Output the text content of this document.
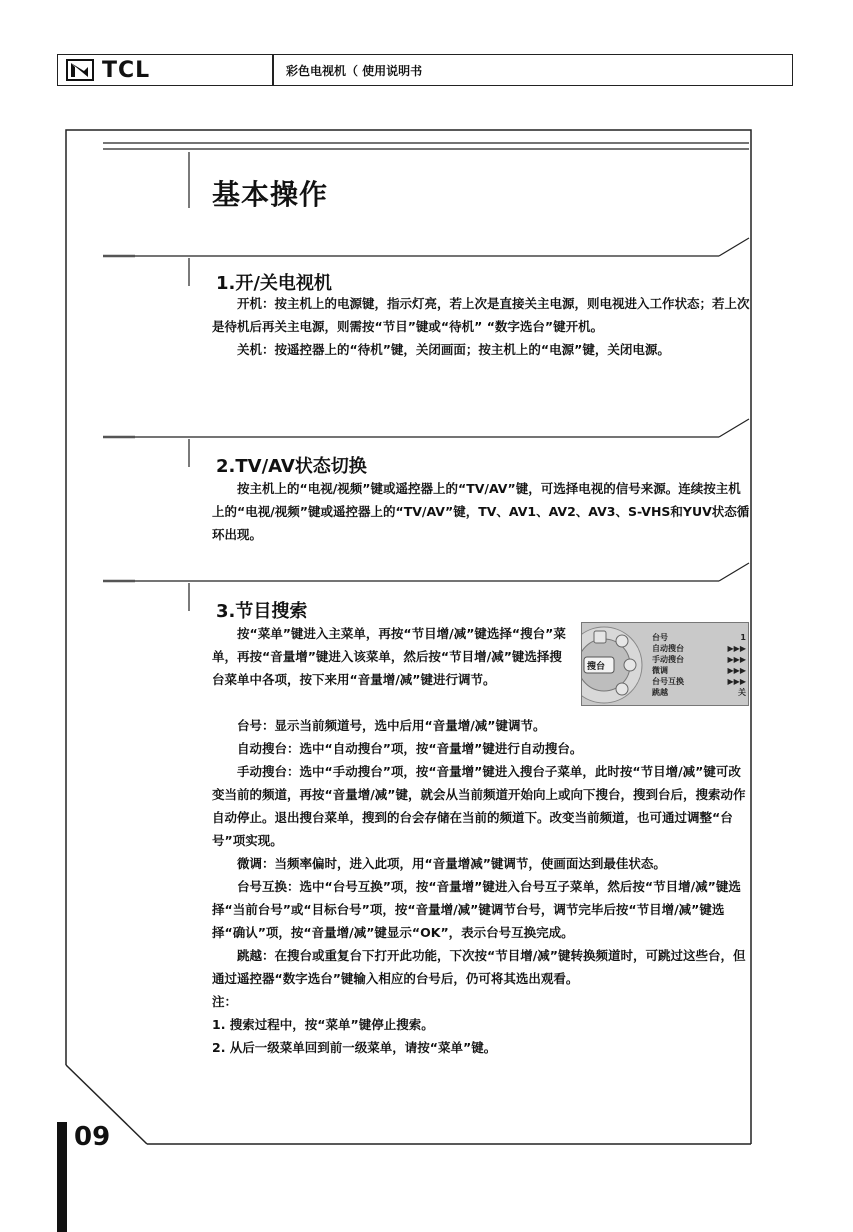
TCL	彩色电视机（ 使用说明书
基本操作
1.开/关电视机

开机：按主机上的电源键，指示灯亮，若上次是直接关主电源，则电视进入工作状态；若上次是待机后再关主电源，则需按“节目”键或“待机” “数字选台”键开机。

关机：按遥控器上的“待机”键，关闭画面；按主机上的“电源”键，关闭电源。

2.TV/AV状态切换

按主机上的“电视/视频”键或遥控器上的“TV/AV”键，可选择电视的信号来源。连续按主机上的“电视/视频”键或遥控器上的“TV/AV”键，TV、AV1、AV2、AV3、S-VHS和YUV状态循环出现。

3.节目搜索

按“菜单”键进入主菜单，再按“节目增/减”键选择“搜台”菜单，再按“音量增”键进入该菜单，然后按“节目增/减”键选择搜台菜单中各项，按下来用“音量增/减”键进行调节。

搜台
台号	1
自动搜台	▶▶▶
手动搜台	▶▶▶
微调	▶▶▶
台号互换	▶▶▶
跳越	关

台号：显示当前频道号，选中后用“音量增/减”键调节。

自动搜台：选中“自动搜台”项，按“音量增”键进行自动搜台。

手动搜台：选中“手动搜台”项，按“音量增”键进入搜台子菜单，此时按“节目增/减”键可改变当前的频道，再按“音量增/减”键，就会从当前频道开始向上或向下搜台，搜到台后，搜索动作自动停止。退出搜台菜单，搜到的台会存储在当前的频道下。改变当前频道，也可通过调整“台号”项实现。

微调：当频率偏时，进入此项，用“音量增减”键调节，使画面达到最佳状态。

台号互换：选中“台号互换”项，按“音量增”键进入台号互子菜单，然后按“节目增/减”键选择“当前台号”或“目标台号”项，按“音量增/减”键调节台号，调节完毕后按“节目增/减”键选择“确认”项，按“音量增/减”键显示“OK”，表示台号互换完成。

跳越：在搜台或重复台下打开此功能，下次按“节目增/减”键转换频道时，可跳过这些台，但通过遥控器“数字选台”键输入相应的台号后，仍可将其选出观看。

注：

1. 搜索过程中，按“菜单”键停止搜索。

2. 从后一级菜单回到前一级菜单，请按“菜单”键。

09
